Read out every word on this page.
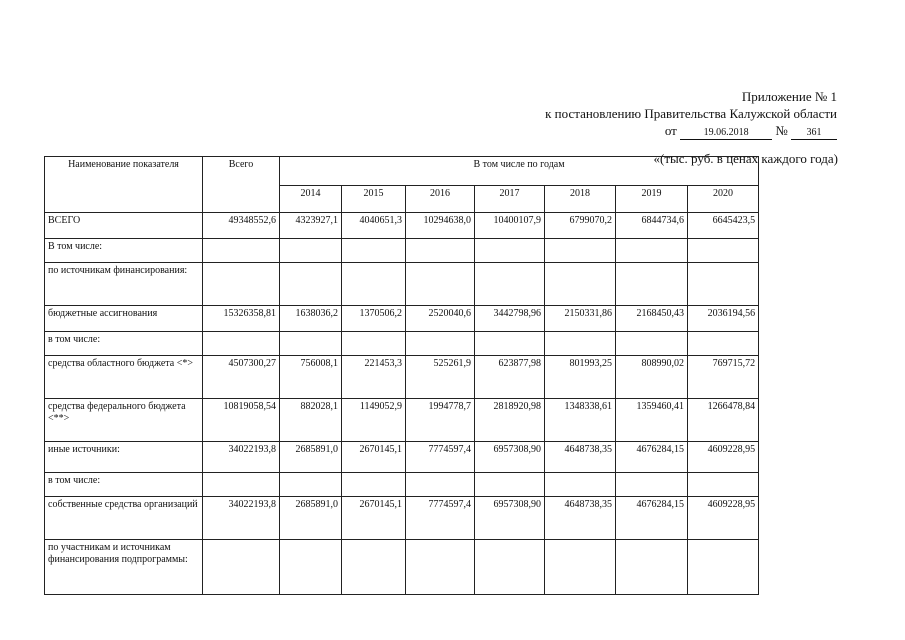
Приложение № 1
к постановлению Правительства Калужской области
от	19.06.2018 № 361
«(тыс. руб. в ценах каждого года)
Наименование показателя	Всего	В том числе по годам						
		2014	2015	2016	2017	2018	2019	2020
ВСЕГО	49348552,6	4323927,1	4040651,3	10294638,0	10400107,9	6799070,2	6844734,6	6645423,5
В том числе:								
по источникам финансирования:								
бюджетные ассигнования	15326358,81	1638036,2	1370506,2	2520040,6	3442798,96	2150331,86	2168450,43	2036194,56
в том числе:								
средства областного бюджета <*>	4507300,27	756008,1	221453,3	525261,9	623877,98	801993,25	808990,02	769715,72
средства федерального бюджета <**>	10819058,54	882028,1	1149052,9	1994778,7	2818920,98	1348338,61	1359460,41	1266478,84
иные источники:	34022193,8	2685891,0	2670145,1	7774597,4	6957308,90	4648738,35	4676284,15	4609228,95
в том числе:								
собственные средства организаций	34022193,8	2685891,0	2670145,1	7774597,4	6957308,90	4648738,35	4676284,15	4609228,95
по участникам и источникам финансирования подпрограммы:								
